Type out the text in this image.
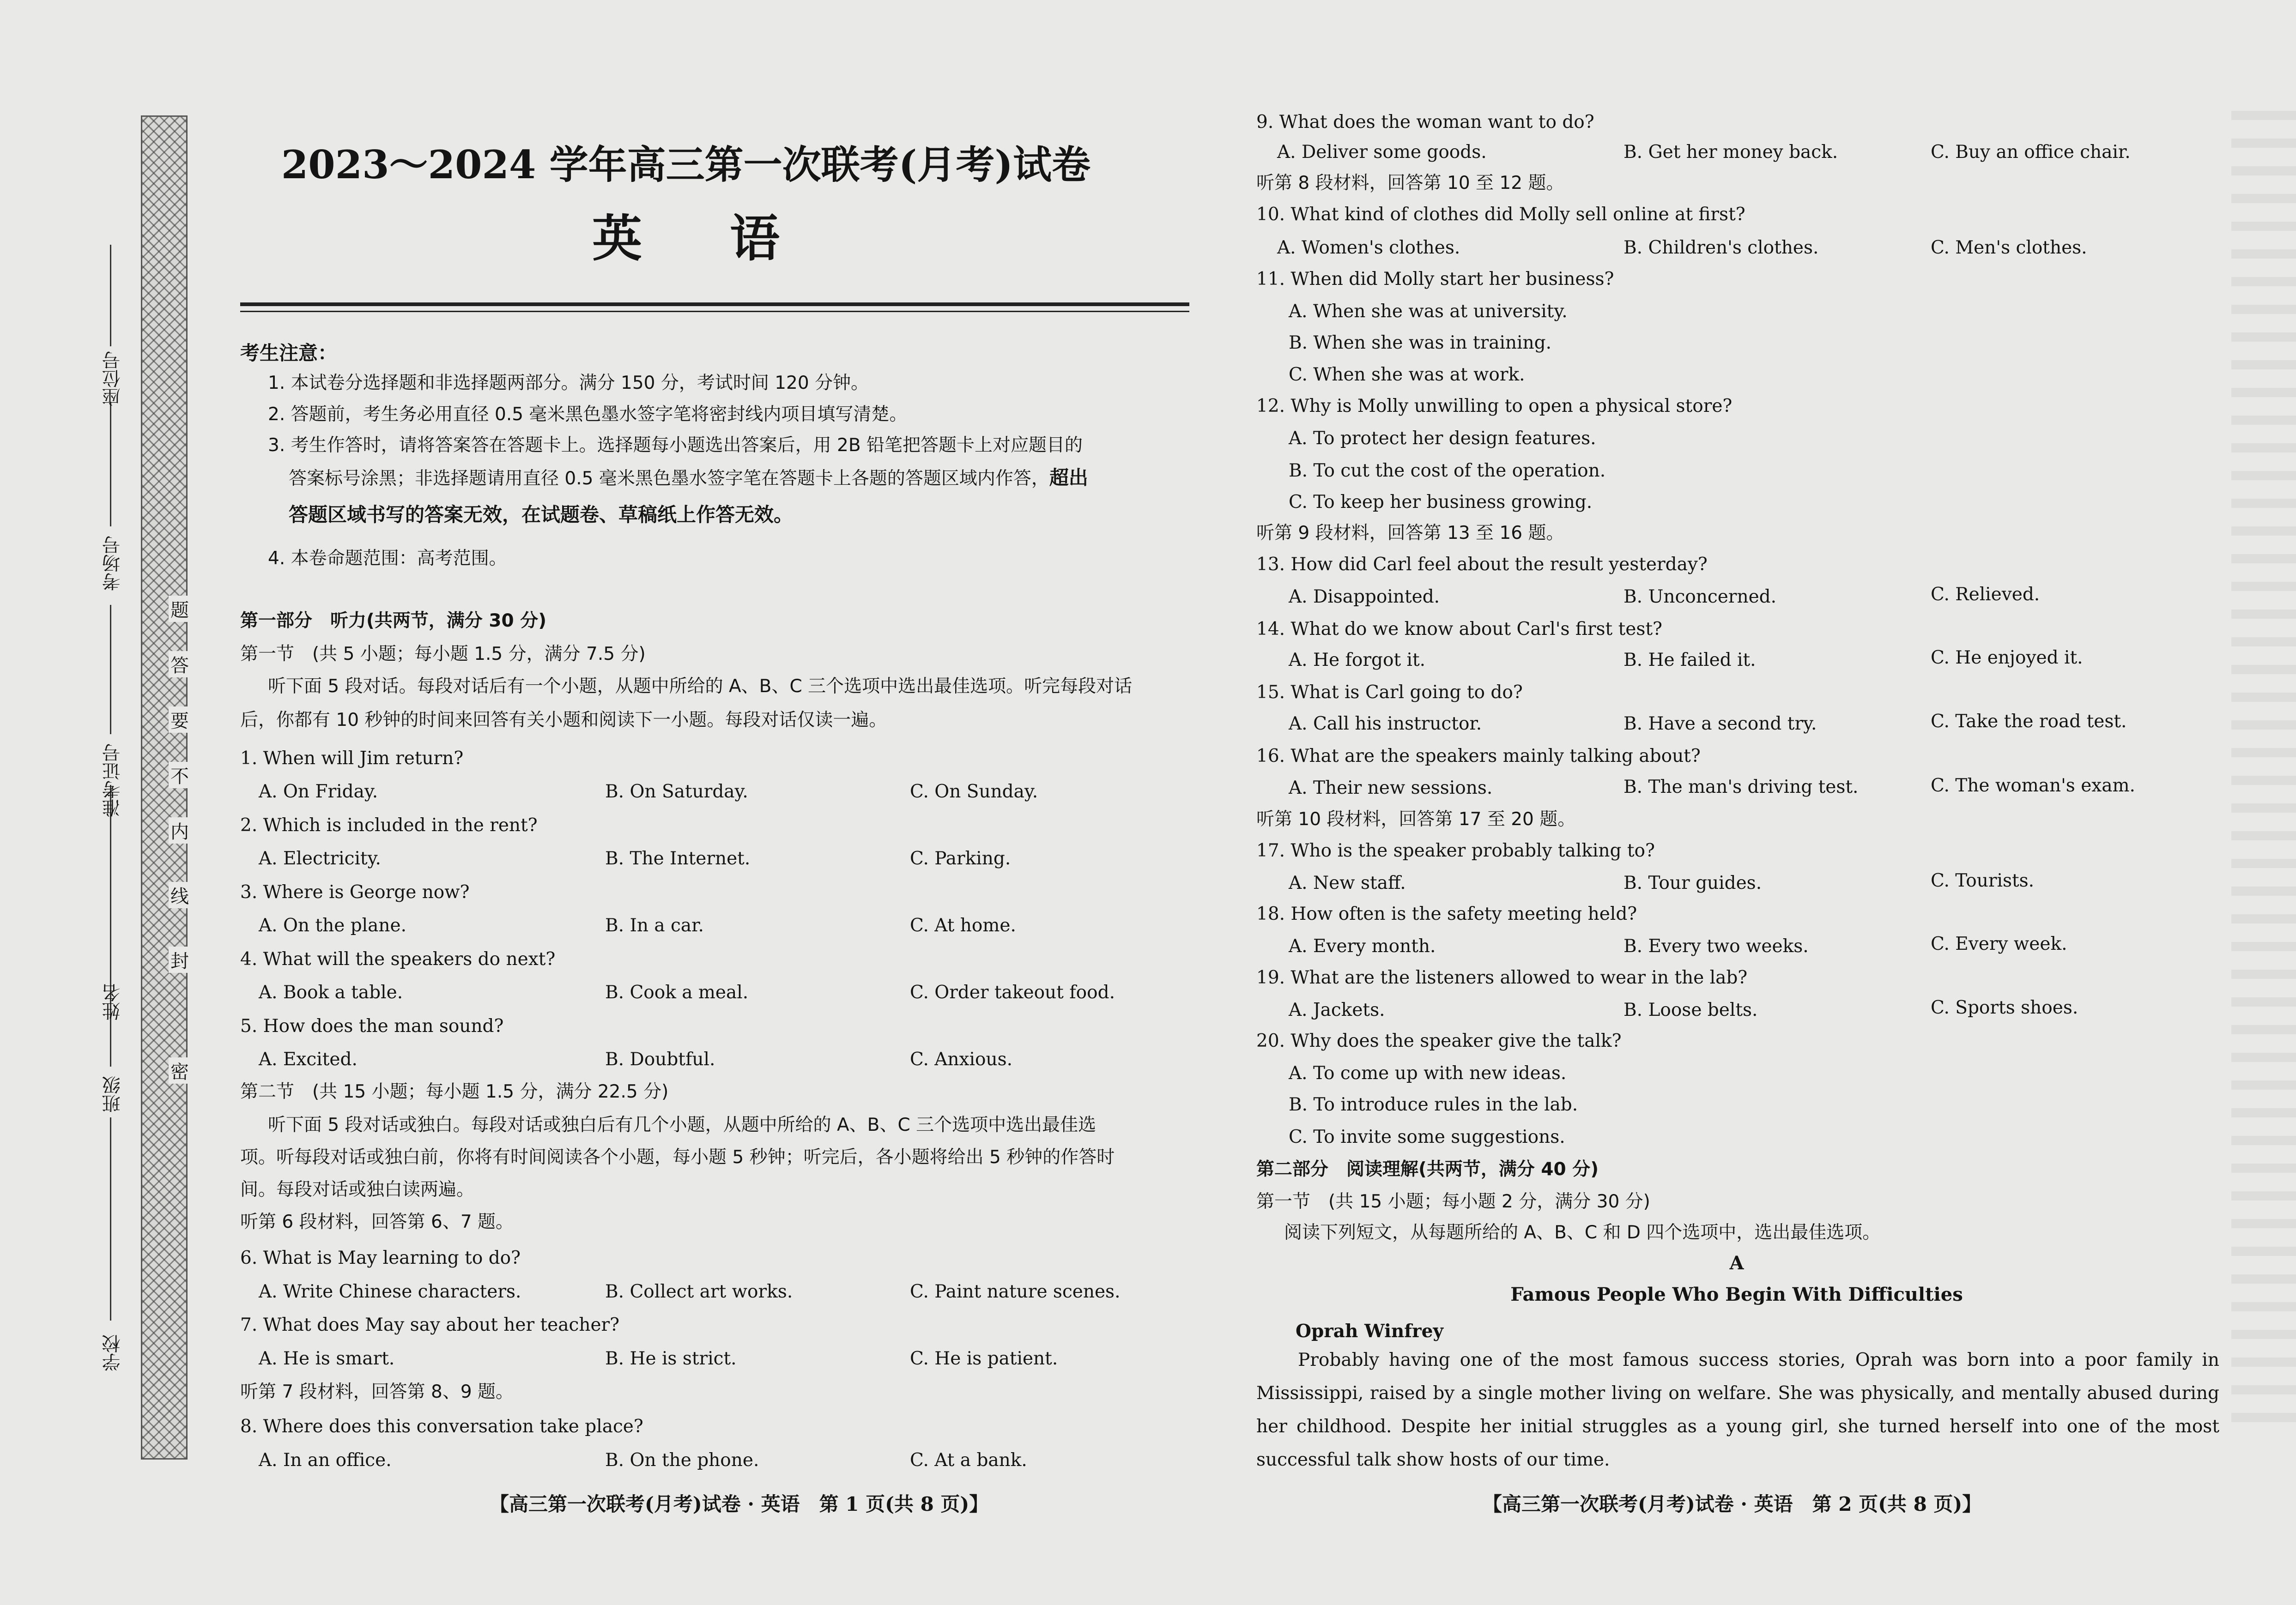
学校
班级
姓名
准考证号
考场号
座位号
密
封
线
内
不
要
答
题
2023～2024 学年高三第一次联考(月考)试卷
英语
考生注意：
1. 本试卷分选择题和非选择题两部分。满分 150 分，考试时间 120 分钟。
2. 答题前，考生务必用直径 0.5 毫米黑色墨水签字笔将密封线内项目填写清楚。
3. 考生作答时，请将答案答在答题卡上。选择题每小题选出答案后，用 2B 铅笔把答题卡上对应题目的
答案标号涂黑；非选择题请用直径 0.5 毫米黑色墨水签字笔在答题卡上各题的答题区域内作答，超出
答题区域书写的答案无效，在试题卷、草稿纸上作答无效。
4. 本卷命题范围：高考范围。
第一部分　听力(共两节，满分 30 分)
第一节　(共 5 小题；每小题 1.5 分，满分 7.5 分)
听下面 5 段对话。每段对话后有一个小题，从题中所给的 A、B、C 三个选项中选出最佳选项。听完每段对话
后，你都有 10 秒钟的时间来回答有关小题和阅读下一小题。每段对话仅读一遍。
1. When will Jim return?
A. On Friday.	B. On Saturday.	C. On Sunday.
2. Which is included in the rent?
A. Electricity.	B. The Internet.	C. Parking.
3. Where is George now?
A. On the plane.	B. In a car.	C. At home.
4. What will the speakers do next?
A. Book a table.	B. Cook a meal.	C. Order takeout food.
5. How does the man sound?
A. Excited.	B. Doubtful.	C. Anxious.
第二节　(共 15 小题；每小题 1.5 分，满分 22.5 分)
听下面 5 段对话或独白。每段对话或独白后有几个小题，从题中所给的 A、B、C 三个选项中选出最佳选
项。听每段对话或独白前，你将有时间阅读各个小题，每小题 5 秒钟；听完后，各小题将给出 5 秒钟的作答时
间。每段对话或独白读两遍。
听第 6 段材料，回答第 6、7 题。
6. What is May learning to do?
A. Write Chinese characters.	B. Collect art works.	C. Paint nature scenes.
7. What does May say about her teacher?
A. He is smart.	B. He is strict.	C. He is patient.
听第 7 段材料，回答第 8、9 题。
8. Where does this conversation take place?
A. In an office.	B. On the phone.	C. At a bank.
【高三第一次联考(月考)试卷 · 英语　第 1 页(共 8 页)】
9. What does the woman want to do?
A. Deliver some goods.	B. Get her money back.	C. Buy an office chair.
听第 8 段材料，回答第 10 至 12 题。
10. What kind of clothes did Molly sell online at first?
A. Women's clothes.	B. Children's clothes.	C. Men's clothes.
11. When did Molly start her business?
A. When she was at university.
B. When she was in training.
C. When she was at work.
12. Why is Molly unwilling to open a physical store?
A. To protect her design features.
B. To cut the cost of the operation.
C. To keep her business growing.
听第 9 段材料，回答第 13 至 16 题。
13. How did Carl feel about the result yesterday?
A. Disappointed.	B. Unconcerned.	C. Relieved.
14. What do we know about Carl's first test?
A. He forgot it.	B. He failed it.	C. He enjoyed it.
15. What is Carl going to do?
A. Call his instructor.	B. Have a second try.	C. Take the road test.
16. What are the speakers mainly talking about?
A. Their new sessions.	B. The man's driving test.	C. The woman's exam.
听第 10 段材料，回答第 17 至 20 题。
17. Who is the speaker probably talking to?
A. New staff.	B. Tour guides.	C. Tourists.
18. How often is the safety meeting held?
A. Every month.	B. Every two weeks.	C. Every week.
19. What are the listeners allowed to wear in the lab?
A. Jackets.	B. Loose belts.	C. Sports shoes.
20. Why does the speaker give the talk?
A. To come up with new ideas.
B. To introduce rules in the lab.
C. To invite some suggestions.
第二部分　阅读理解(共两节，满分 40 分)
第一节　(共 15 小题；每小题 2 分，满分 30 分)
阅读下列短文，从每题所给的 A、B、C 和 D 四个选项中，选出最佳选项。
A
Famous People Who Begin With Difficulties
Oprah Winfrey
Probably having one of the most famous success stories, Oprah was born into a poor family in Mississippi, raised by a single mother living on welfare. She was physically, and mentally abused during her childhood. Despite her initial struggles as a young girl, she turned herself into one of the most successful talk show hosts of our time.
【高三第一次联考(月考)试卷 · 英语　第 2 页(共 8 页)】
